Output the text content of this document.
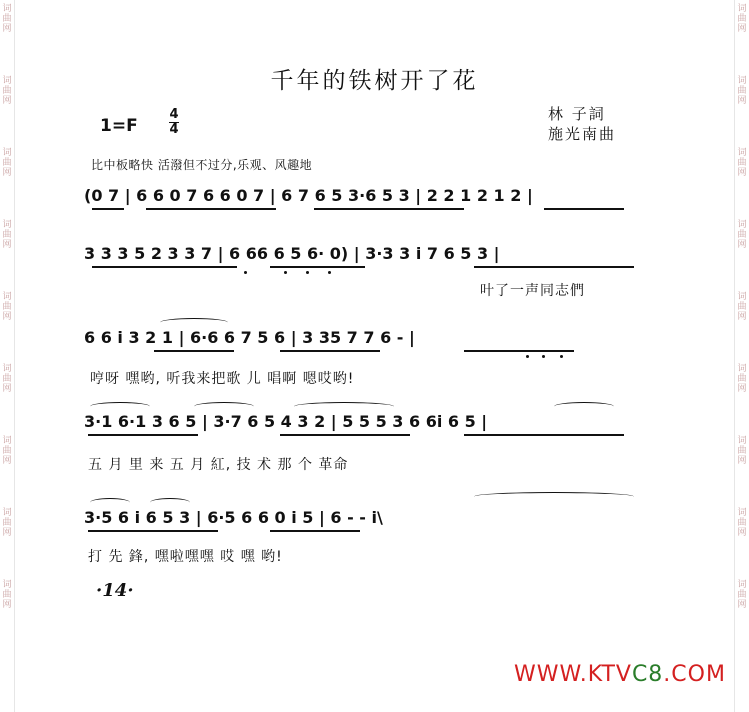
词曲网
词曲网
词曲网
词曲网
词曲网
词曲网
词曲网
词曲网
词曲网
词曲网
词曲网
词曲网
词曲网
词曲网
词曲网
词曲网
词曲网
词曲网
千年的铁树开了花
1=F
4
4
林 子詞
施光南曲
比中板略快 活潑但不过分,乐观、风趣地
(0 7 | 6 6 0 7 6 6 0 7 | 6 7 6 5 3·6 5 3 | 2 2 1 2 1 2 |
3 3 3 5 2 3 3 7 | 6 66 6 5 6· 0) | 3·3 3 i 7 6 5 3 |
叶了一声同志們
6 6 i 3 2 1 | 6·6 6 7 5 6 | 3 35 7 7 6 - |
哼呀 嘿哟, 听我来把歌 儿 唱啊 嗯哎哟!
3·1 6·1 3 6 5 | 3·7 6 5 4 3 2 | 5 5 5 3 6 6i 6 5 |
五 月 里 来 五 月 紅, 技 术 那 个 革命
3·5 6 i 6 5 3 | 6·5 6 6 0 i 5 | 6 - - i\
打 先 鋒, 嘿啦嘿嘿 哎 嘿 哟!
·14·
WWW.KTVC8.COM
